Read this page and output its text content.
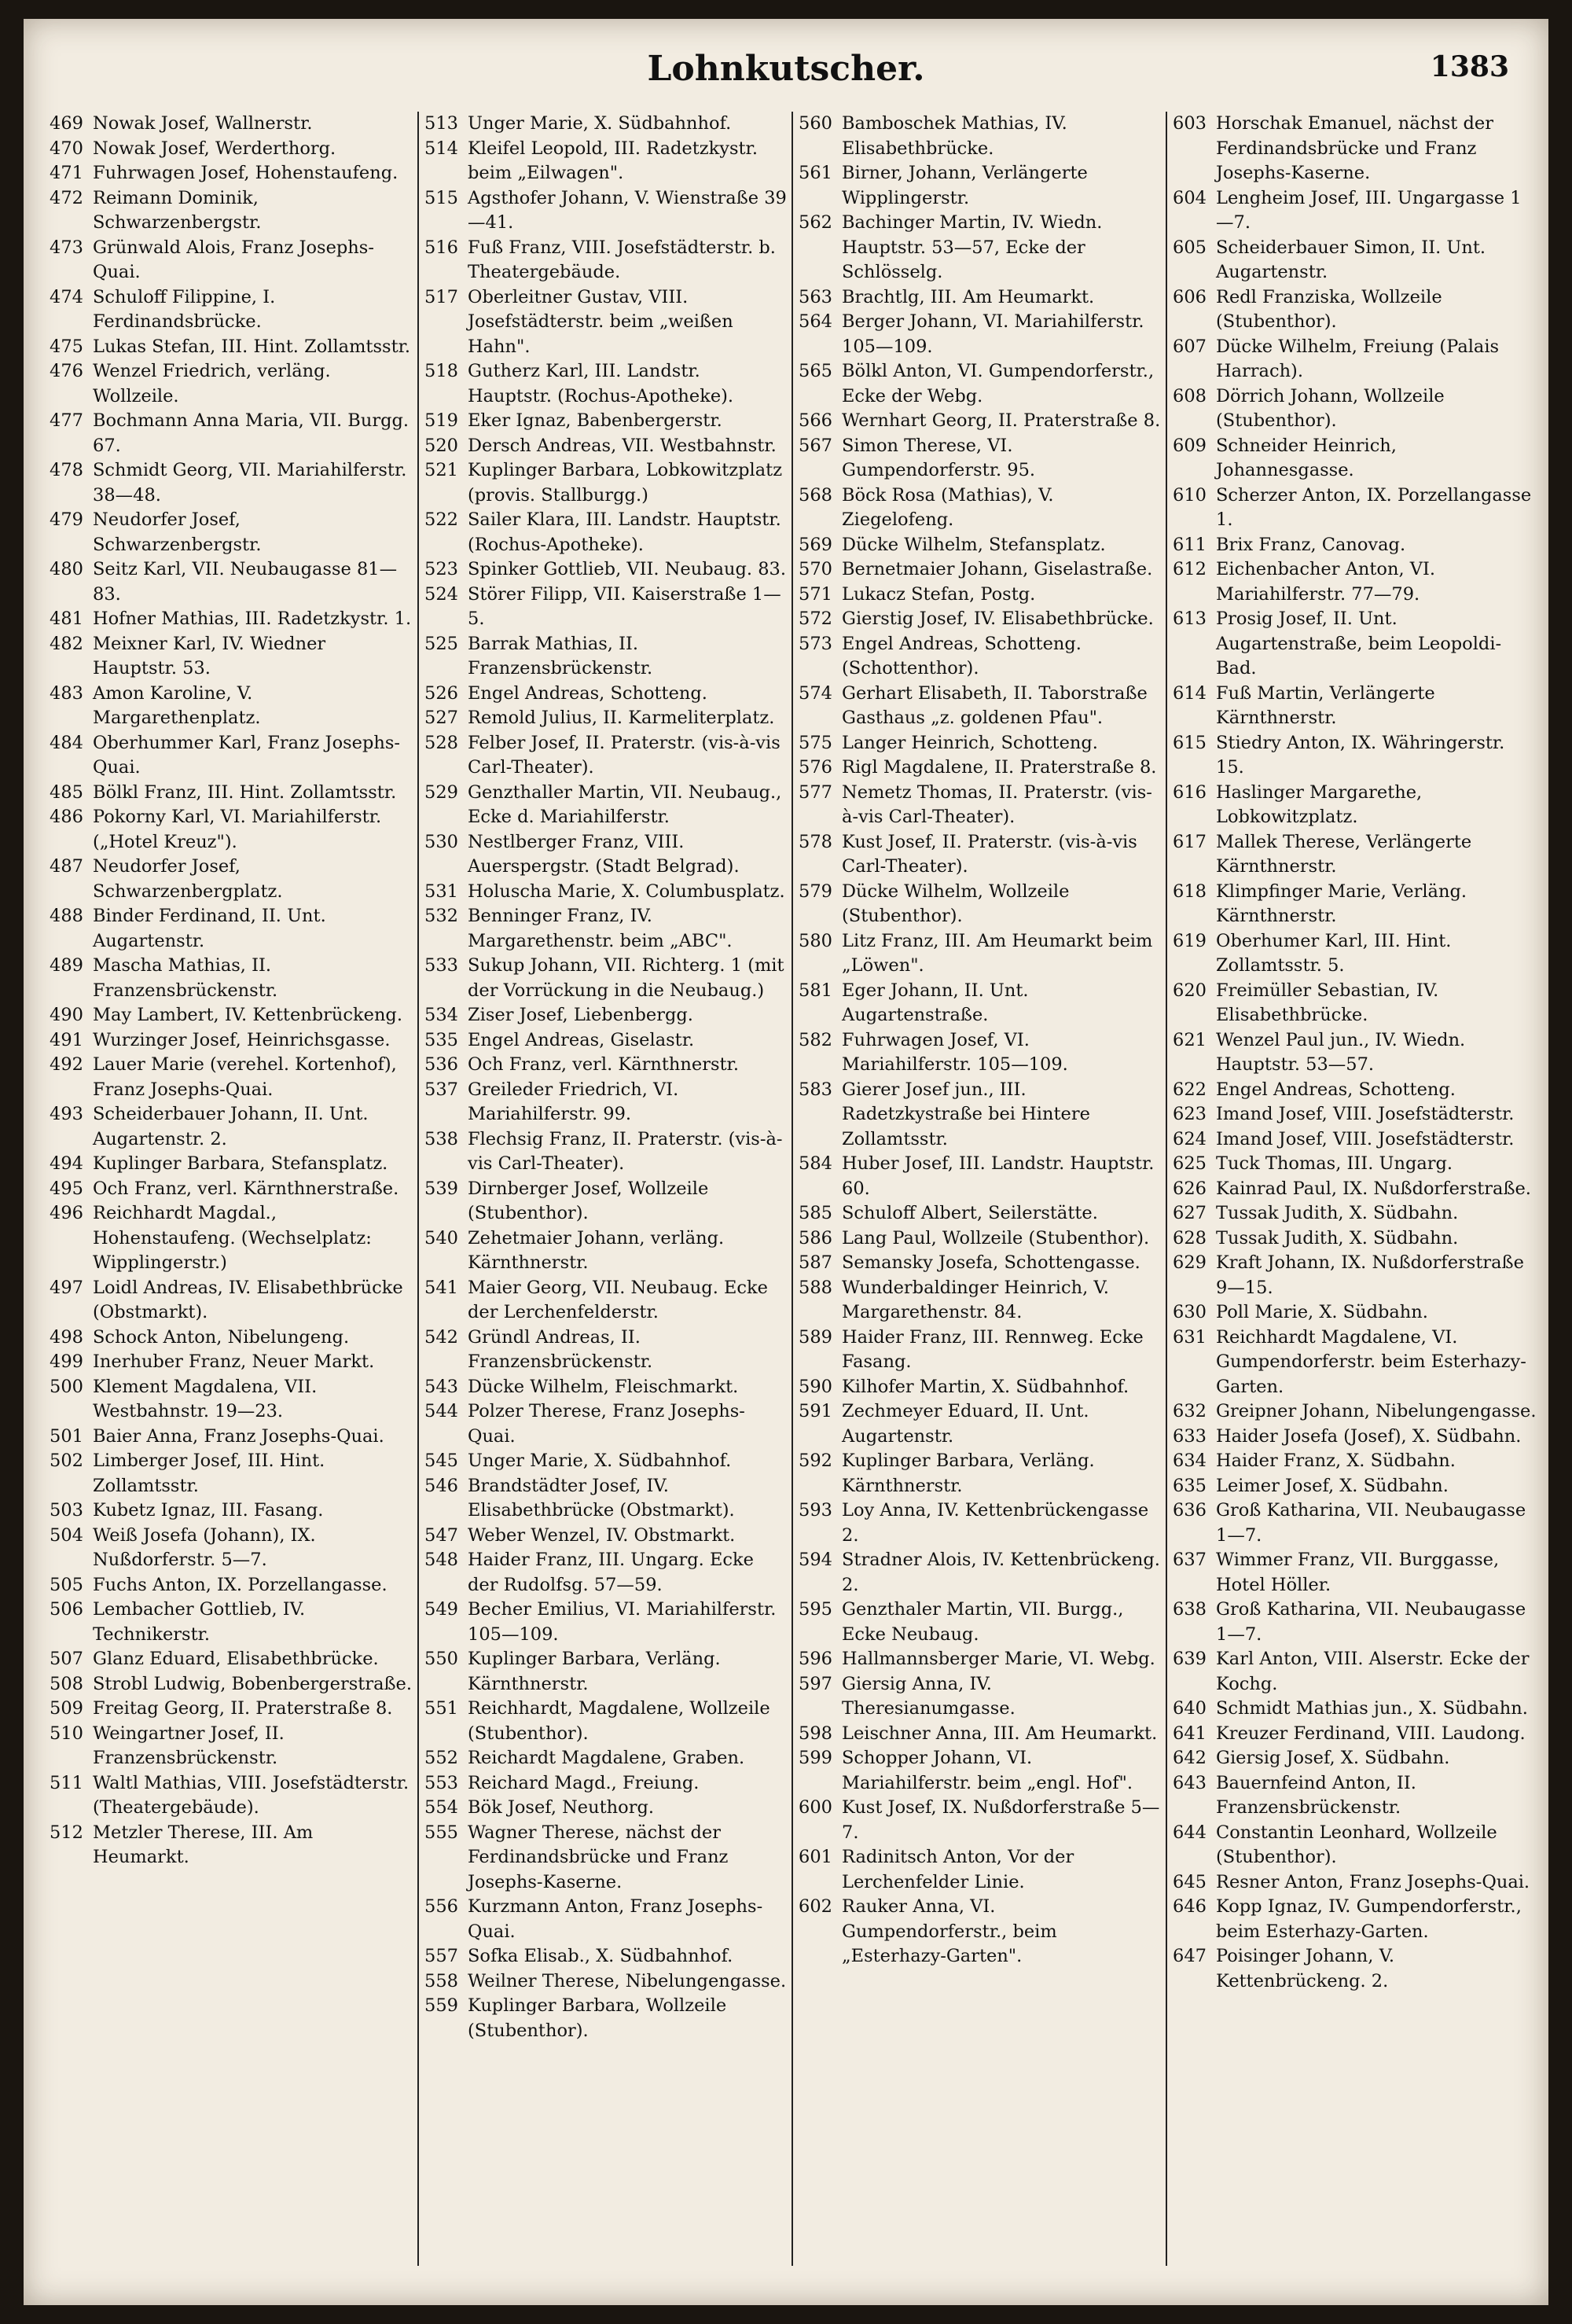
Lohnkutscher.	1383
469 Nowak Josef, Wallnerstr.
470 Nowak Josef, Werderthorg.
471 Fuhrwagen Josef, Hohenstaufeng.
472 Reimann Dominik, Schwarzenbergstr.
473 Grünwald Alois, Franz Josephs-Quai.
474 Schuloff Filippine, I. Ferdinandsbrücke.
475 Lukas Stefan, III. Hint. Zollamtsstr.
476 Wenzel Friedrich, verläng. Wollzeile.
477 Bochmann Anna Maria, VII. Burgg. 67.
478 Schmidt Georg, VII. Mariahilferstr. 38—48.
479 Neudorfer Josef, Schwarzenbergstr.
480 Seitz Karl, VII. Neubaugasse 81—83.
481 Hofner Mathias, III. Radetzkystr. 1.
482 Meixner Karl, IV. Wiedner Hauptstr. 53.
483 Amon Karoline, V. Margarethenplatz.
484 Oberhummer Karl, Franz Josephs-Quai.
485 Bölkl Franz, III. Hint. Zollamtsstr.
486 Pokorny Karl, VI. Mariahilferstr. („Hotel Kreuz").
487 Neudorfer Josef, Schwarzenbergplatz.
488 Binder Ferdinand, II. Unt. Augartenstr.
489 Mascha Mathias, II. Franzensbrückenstr.
490 May Lambert, IV. Kettenbrückeng.
491 Wurzinger Josef, Heinrichsgasse.
492 Lauer Marie (verehel. Kortenhof), Franz Josephs-Quai.
493 Scheiderbauer Johann, II. Unt. Augartenstr. 2.
494 Kuplinger Barbara, Stefansplatz.
495 Och Franz, verl. Kärnthnerstraße.
496 Reichhardt Magdal., Hohenstaufeng. (Wechselplatz: Wipplingerstr.)
497 Loidl Andreas, IV. Elisabethbrücke (Obstmarkt).
498 Schock Anton, Nibelungeng.
499 Inerhuber Franz, Neuer Markt.
500 Klement Magdalena, VII. Westbahnstr. 19—23.
501 Baier Anna, Franz Josephs-Quai.
502 Limberger Josef, III. Hint. Zollamtsstr.
503 Kubetz Ignaz, III. Fasang.
504 Weiß Josefa (Johann), IX. Nußdorferstr. 5—7.
505 Fuchs Anton, IX. Porzellangasse.
506 Lembacher Gottlieb, IV. Technikerstr.
507 Glanz Eduard, Elisabethbrücke.
508 Strobl Ludwig, Bobenbergerstraße.
509 Freitag Georg, II. Praterstraße 8.
510 Weingartner Josef, II. Franzensbrückenstr.
511 Waltl Mathias, VIII. Josefstädterstr. (Theatergebäude).
512 Metzler Therese, III. Am Heumarkt.
513 Unger Marie, X. Südbahnhof.
514 Kleifel Leopold, III. Radetzkystr. beim „Eilwagen".
515 Agsthofer Johann, V. Wienstraße 39—41.
516 Fuß Franz, VIII. Josefstädterstr. b. Theatergebäude.
517 Oberleitner Gustav, VIII. Josefstädterstr. beim „weißen Hahn".
518 Gutherz Karl, III. Landstr. Hauptstr. (Rochus-Apotheke).
519 Eker Ignaz, Babenbergerstr.
520 Dersch Andreas, VII. Westbahnstr.
521 Kuplinger Barbara, Lobkowitzplatz (provis. Stallburgg.)
522 Sailer Klara, III. Landstr. Hauptstr. (Rochus-Apotheke).
523 Spinker Gottlieb, VII. Neubaug. 83.
524 Störer Filipp, VII. Kaiserstraße 1—5.
525 Barrak Mathias, II. Franzensbrückenstr.
526 Engel Andreas, Schotteng.
527 Remold Julius, II. Karmeliterplatz.
528 Felber Josef, II. Praterstr. (vis-à-vis Carl-Theater).
529 Genzthaller Martin, VII. Neubaug., Ecke d. Mariahilferstr.
530 Nestlberger Franz, VIII. Auerspergstr. (Stadt Belgrad).
531 Holuscha Marie, X. Columbusplatz.
532 Benninger Franz, IV. Margarethenstr. beim „ABC".
533 Sukup Johann, VII. Richterg. 1 (mit der Vorrückung in die Neubaug.)
534 Ziser Josef, Liebenbergg.
535 Engel Andreas, Giselastr.
536 Och Franz, verl. Kärnthnerstr.
537 Greileder Friedrich, VI. Mariahilferstr. 99.
538 Flechsig Franz, II. Praterstr. (vis-à-vis Carl-Theater).
539 Dirnberger Josef, Wollzeile (Stubenthor).
540 Zehetmaier Johann, verläng. Kärnthnerstr.
541 Maier Georg, VII. Neubaug. Ecke der Lerchenfelderstr.
542 Gründl Andreas, II. Franzensbrückenstr.
543 Dücke Wilhelm, Fleischmarkt.
544 Polzer Therese, Franz Josephs-Quai.
545 Unger Marie, X. Südbahnhof.
546 Brandstädter Josef, IV. Elisabethbrücke (Obstmarkt).
547 Weber Wenzel, IV. Obstmarkt.
548 Haider Franz, III. Ungarg. Ecke der Rudolfsg. 57—59.
549 Becher Emilius, VI. Mariahilferstr. 105—109.
550 Kuplinger Barbara, Verläng. Kärnthnerstr.
551 Reichhardt, Magdalene, Wollzeile (Stubenthor).
552 Reichardt Magdalene, Graben.
553 Reichard Magd., Freiung.
554 Bök Josef, Neuthorg.
555 Wagner Therese, nächst der Ferdinandsbrücke und Franz Josephs-Kaserne.
556 Kurzmann Anton, Franz Josephs-Quai.
557 Sofka Elisab., X. Südbahnhof.
558 Weilner Therese, Nibelungengasse.
559 Kuplinger Barbara, Wollzeile (Stubenthor).
560 Bamboschek Mathias, IV. Elisabethbrücke.
561 Birner, Johann, Verlängerte Wipplingerstr.
562 Bachinger Martin, IV. Wiedn. Hauptstr. 53—57, Ecke der Schlösselg.
563 Brachtlg, III. Am Heumarkt.
564 Berger Johann, VI. Mariahilferstr. 105—109.
565 Bölkl Anton, VI. Gumpendorferstr., Ecke der Webg.
566 Wernhart Georg, II. Praterstraße 8.
567 Simon Therese, VI. Gumpendorferstr. 95.
568 Böck Rosa (Mathias), V. Ziegelofeng.
569 Dücke Wilhelm, Stefansplatz.
570 Bernetmaier Johann, Giselastraße.
571 Lukacz Stefan, Postg.
572 Gierstig Josef, IV. Elisabethbrücke.
573 Engel Andreas, Schotteng. (Schottenthor).
574 Gerhart Elisabeth, II. Taborstraße Gasthaus „z. goldenen Pfau".
575 Langer Heinrich, Schotteng.
576 Rigl Magdalene, II. Praterstraße 8.
577 Nemetz Thomas, II. Praterstr. (vis-à-vis Carl-Theater).
578 Kust Josef, II. Praterstr. (vis-à-vis Carl-Theater).
579 Dücke Wilhelm, Wollzeile (Stubenthor).
580 Litz Franz, III. Am Heumarkt beim „Löwen".
581 Eger Johann, II. Unt. Augartenstraße.
582 Fuhrwagen Josef, VI. Mariahilferstr. 105—109.
583 Gierer Josef jun., III. Radetzkystraße bei Hintere Zollamtsstr.
584 Huber Josef, III. Landstr. Hauptstr. 60.
585 Schuloff Albert, Seilerstätte.
586 Lang Paul, Wollzeile (Stubenthor).
587 Semansky Josefa, Schottengasse.
588 Wunderbaldinger Heinrich, V. Margarethenstr. 84.
589 Haider Franz, III. Rennweg. Ecke Fasang.
590 Kilhofer Martin, X. Südbahnhof.
591 Zechmeyer Eduard, II. Unt. Augartenstr.
592 Kuplinger Barbara, Verläng. Kärnthnerstr.
593 Loy Anna, IV. Kettenbrückengasse 2.
594 Stradner Alois, IV. Kettenbrückeng. 2.
595 Genzthaler Martin, VII. Burgg., Ecke Neubaug.
596 Hallmannsberger Marie, VI. Webg.
597 Giersig Anna, IV. Theresianumgasse.
598 Leischner Anna, III. Am Heumarkt.
599 Schopper Johann, VI. Mariahilferstr. beim „engl. Hof".
600 Kust Josef, IX. Nußdorferstraße 5—7.
601 Radinitsch Anton, Vor der Lerchenfelder Linie.
602 Rauker Anna, VI. Gumpendorferstr., beim „Esterhazy-Garten".
603 Horschak Emanuel, nächst der Ferdinandsbrücke und Franz Josephs-Kaserne.
604 Lengheim Josef, III. Ungargasse 1—7.
605 Scheiderbauer Simon, II. Unt. Augartenstr.
606 Redl Franziska, Wollzeile (Stubenthor).
607 Dücke Wilhelm, Freiung (Palais Harrach).
608 Dörrich Johann, Wollzeile (Stubenthor).
609 Schneider Heinrich, Johannesgasse.
610 Scherzer Anton, IX. Porzellangasse 1.
611 Brix Franz, Canovag.
612 Eichenbacher Anton, VI. Mariahilferstr. 77—79.
613 Prosig Josef, II. Unt. Augartenstraße, beim Leopoldi-Bad.
614 Fuß Martin, Verlängerte Kärnthnerstr.
615 Stiedry Anton, IX. Währingerstr. 15.
616 Haslinger Margarethe, Lobkowitzplatz.
617 Mallek Therese, Verlängerte Kärnthnerstr.
618 Klimpfinger Marie, Verläng. Kärnthnerstr.
619 Oberhumer Karl, III. Hint. Zollamtsstr. 5.
620 Freimüller Sebastian, IV. Elisabethbrücke.
621 Wenzel Paul jun., IV. Wiedn. Hauptstr. 53—57.
622 Engel Andreas, Schotteng.
623 Imand Josef, VIII. Josefstädterstr.
624 Imand Josef, VIII. Josefstädterstr.
625 Tuck Thomas, III. Ungarg.
626 Kainrad Paul, IX. Nußdorferstraße.
627 Tussak Judith, X. Südbahn.
628 Tussak Judith, X. Südbahn.
629 Kraft Johann, IX. Nußdorferstraße 9—15.
630 Poll Marie, X. Südbahn.
631 Reichhardt Magdalene, VI. Gumpendorferstr. beim Esterhazy-Garten.
632 Greipner Johann, Nibelungengasse.
633 Haider Josefa (Josef), X. Südbahn.
634 Haider Franz, X. Südbahn.
635 Leimer Josef, X. Südbahn.
636 Groß Katharina, VII. Neubaugasse 1—7.
637 Wimmer Franz, VII. Burggasse, Hotel Höller.
638 Groß Katharina, VII. Neubaugasse 1—7.
639 Karl Anton, VIII. Alserstr. Ecke der Kochg.
640 Schmidt Mathias jun., X. Südbahn.
641 Kreuzer Ferdinand, VIII. Laudong.
642 Giersig Josef, X. Südbahn.
643 Bauernfeind Anton, II. Franzensbrückenstr.
644 Constantin Leonhard, Wollzeile (Stubenthor).
645 Resner Anton, Franz Josephs-Quai.
646 Kopp Ignaz, IV. Gumpendorferstr., beim Esterhazy-Garten.
647 Poisinger Johann, V. Kettenbrückeng. 2.
